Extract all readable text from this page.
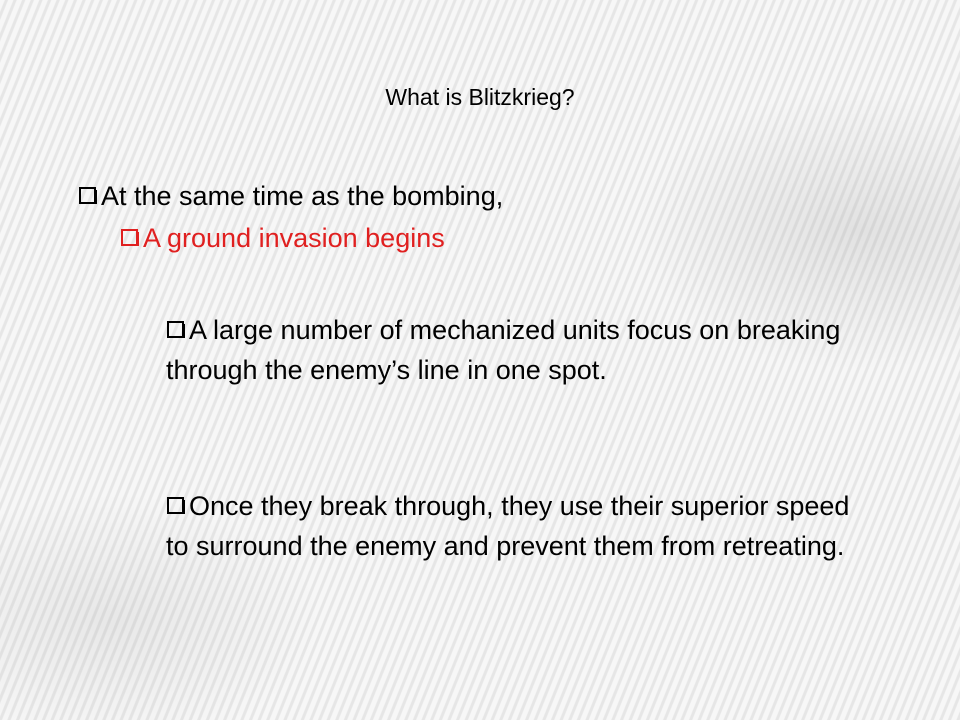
What is Blitzkrieg?

At the same time as the bombing,

A ground invasion begins

A large number of mechanized units focus on breaking through the enemy’s line in one spot.

Once they break through, they use their superior speed to surround the enemy and prevent them from retreating.
